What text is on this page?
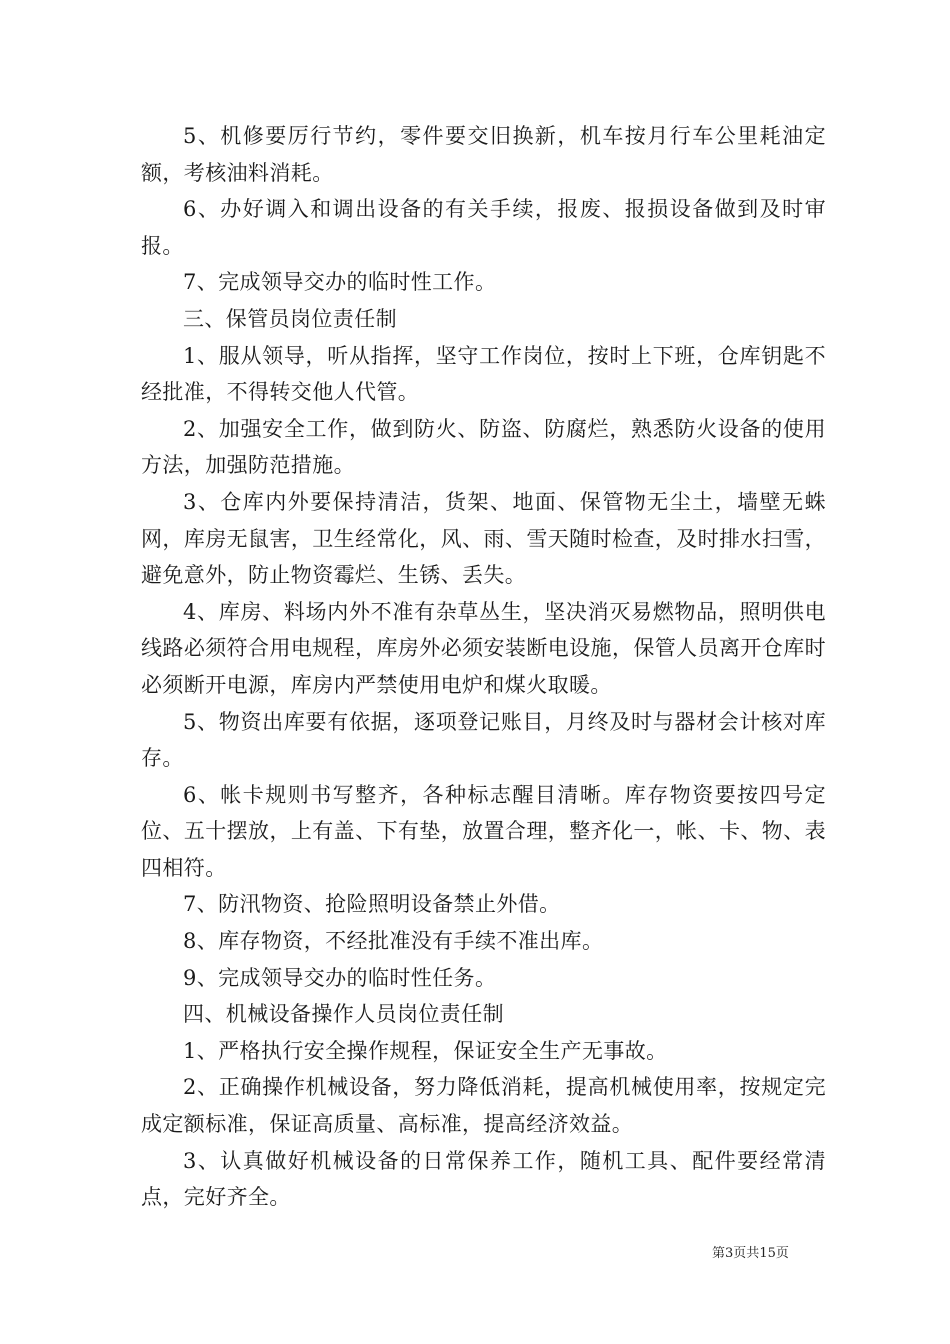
5、机修要厉行节约，零件要交旧换新，机车按月行车公里耗油定额，考核油料消耗。

6、办好调入和调出设备的有关手续，报废、报损设备做到及时审报。

7、完成领导交办的临时性工作。

三、保管员岗位责任制

1、服从领导，听从指挥，坚守工作岗位，按时上下班，仓库钥匙不经批准，不得转交他人代管。

2、加强安全工作，做到防火、防盗、防腐烂，熟悉防火设备的使用方法，加强防范措施。

3、仓库内外要保持清洁，货架、地面、保管物无尘土，墙壁无蛛网，库房无鼠害，卫生经常化，风、雨、雪天随时检查，及时排水扫雪，避免意外，防止物资霉烂、生锈、丢失。

4、库房、料场内外不准有杂草丛生，坚决消灭易燃物品，照明供电线路必须符合用电规程，库房外必须安装断电设施，保管人员离开仓库时必须断开电源，库房内严禁使用电炉和煤火取暖。

5、物资出库要有依据，逐项登记账目，月终及时与器材会计核对库存。

6、帐卡规则书写整齐，各种标志醒目清晰。库存物资要按四号定位、五十摆放，上有盖、下有垫，放置合理，整齐化一，帐、卡、物、表四相符。

7、防汛物资、抢险照明设备禁止外借。

8、库存物资，不经批准没有手续不准出库。

9、完成领导交办的临时性任务。

四、机械设备操作人员岗位责任制

1、严格执行安全操作规程，保证安全生产无事故。

2、正确操作机械设备，努力降低消耗，提高机械使用率，按规定完成定额标准，保证高质量、高标准，提高经济效益。

3、认真做好机械设备的日常保养工作，随机工具、配件要经常清点，完好齐全。

第3页共15页
